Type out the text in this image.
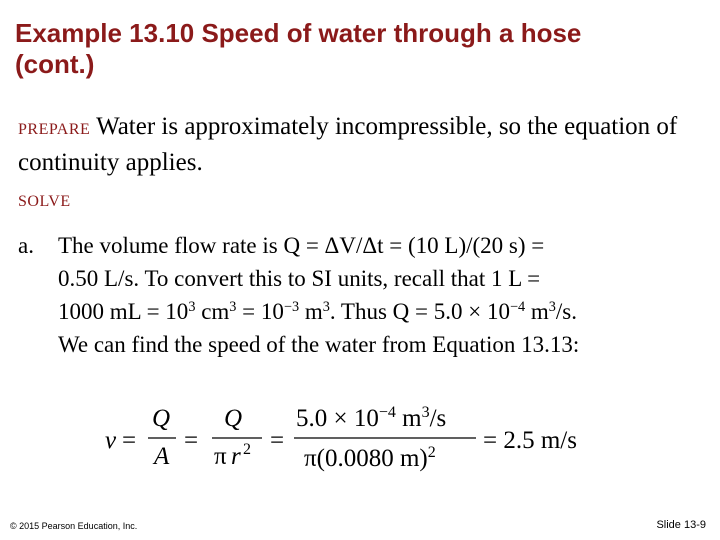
Example 13.10 Speed of water through a hose
(cont.)
PREPARE Water is approximately incompressible, so the equation of continuity applies.
SOLVE
a. The volume flow rate is Q = ΔV/Δt = (10 L)/(20 s) =
0.50 L/s. To convert this to SI units, recall that 1 L =
1000 mL = $10^3$ $cm^3 = 10^{-3}$ $m^3$. Thus $Q = 5.0 \times 10^{-4}$ $m^3/s$.
We can find the speed of the water from Equation 13.13:
v =
Q
A
=
Q
π r 2 =
$5.0 \times 10^{-4}$ $m^3/s$
π(0.0080 m)$^2$ = 2.5 m/s
© 2015 Pearson Education, Inc.	Slide 13-9
